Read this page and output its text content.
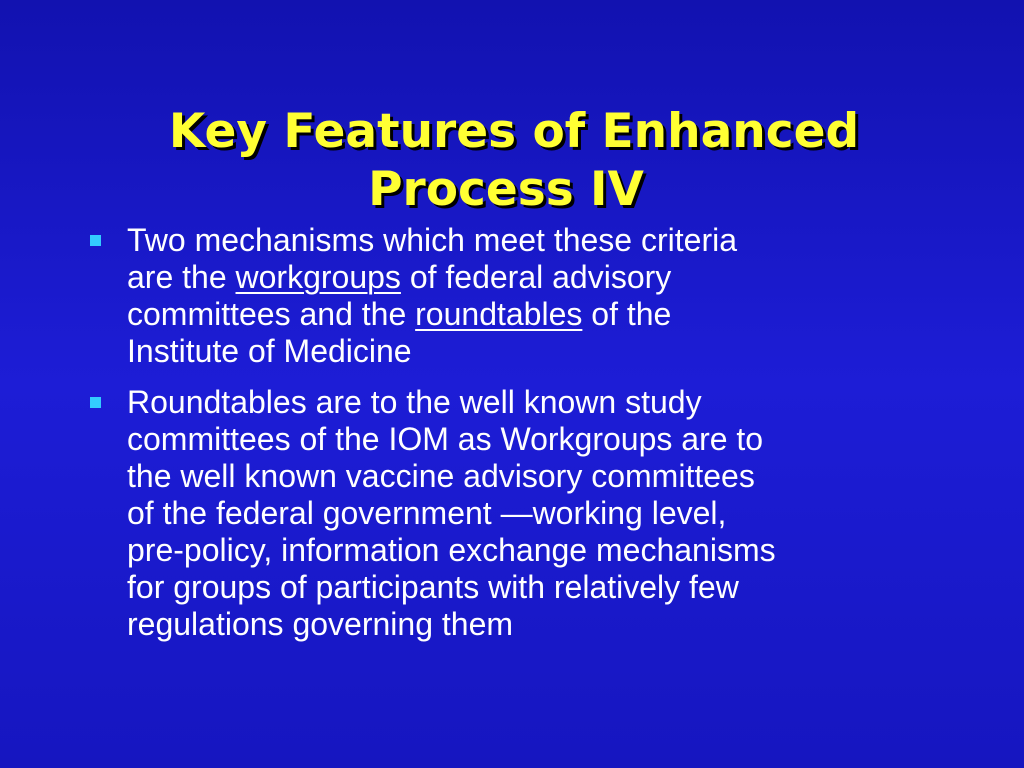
Key Features of Enhanced
Process IV
Two mechanisms which meet these criteria
are the workgroups of federal advisory
committees and the roundtables of the
Institute of Medicine
Roundtables are to the well known study
committees of the IOM as Workgroups are to
the well known vaccine advisory committees
of the federal government —working level,
pre-policy, information exchange mechanisms
for groups of participants with relatively few
regulations governing them
